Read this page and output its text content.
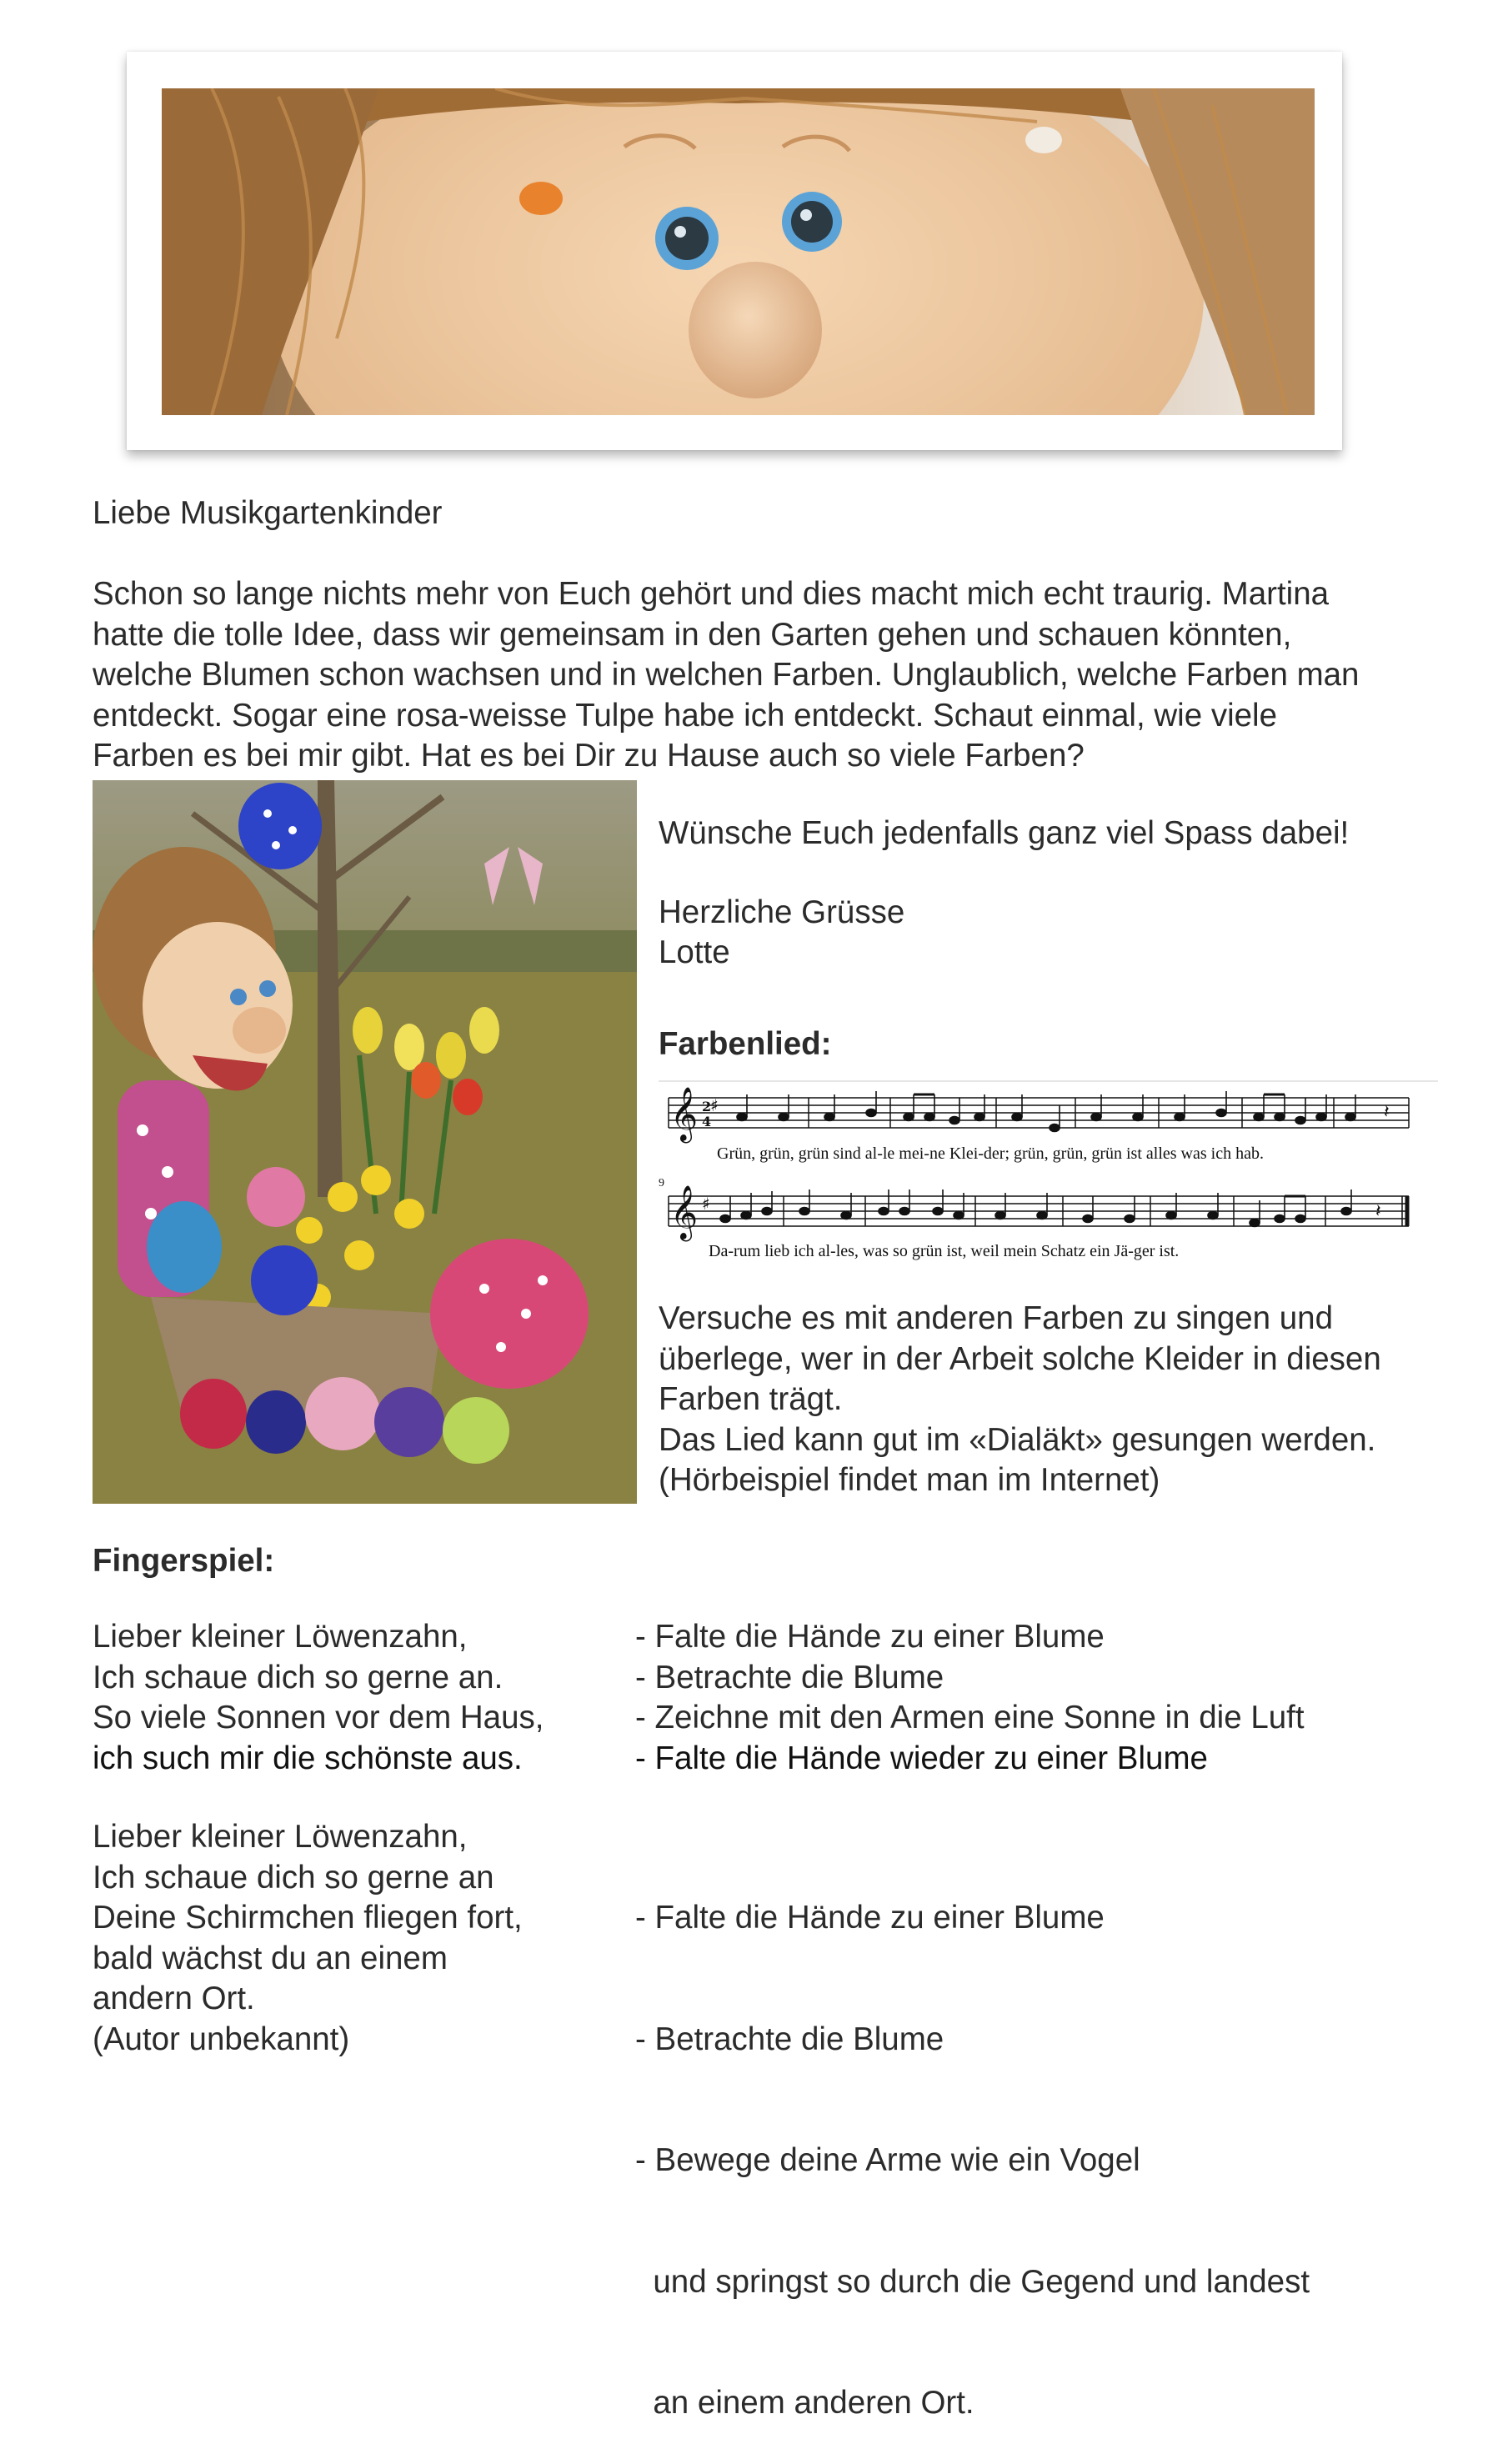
Liebe Musikgartenkinder
Schon so lange nichts mehr von Euch gehört und dies macht mich echt traurig. Martina
hatte die tolle Idee, dass wir gemeinsam in den Garten gehen und schauen könnten,
welche Blumen schon wachsen und in welchen Farben. Unglaublich, welche Farben man
entdeckt. Sogar eine rosa-weisse Tulpe habe ich entdeckt. Schaut einmal, wie viele
Farben es bei mir gibt. Hat es bei Dir zu Hause auch so viele Farben?
Wünsche Euch jedenfalls ganz viel Spass dabei!
Herzliche Grüsse
Lotte
Farbenlied:
𝄞 ♯
2
4	𝄽
Grün, grün, grün sind al-le mei-ne Klei-der; grün, grün, grün ist alles was ich hab.
9
𝄞 ♯	𝄽
Da-rum lieb ich al-les, was so grün ist, weil mein Schatz ein Jä-ger ist.
Versuche es mit anderen Farben zu singen und
überlege, wer in der Arbeit solche Kleider in diesen
Farben trägt.
Das Lied kann gut im «Dialäkt» gesungen werden.
(Hörbeispiel findet man im Internet)
Fingerspiel:
Lieber kleiner Löwenzahn,
Ich schaue dich so gerne an.
So viele Sonnen vor dem Haus,
ich such mir die schönste aus.
- Falte die Hände zu einer Blume
- Betrachte die Blume
- Zeichne mit den Armen eine Sonne in die Luft
- Falte die Hände wieder zu einer Blume
Lieber kleiner Löwenzahn,
Ich schaue dich so gerne an
Deine Schirmchen fliegen fort,
bald wächst du an einem
andern Ort.
(Autor unbekannt)

- Falte die Hände zu einer Blume

- Betrachte die Blume

- Bewege deine Arme wie ein Vogel

und springst so durch die Gegend und landest

an einem anderen Ort.
